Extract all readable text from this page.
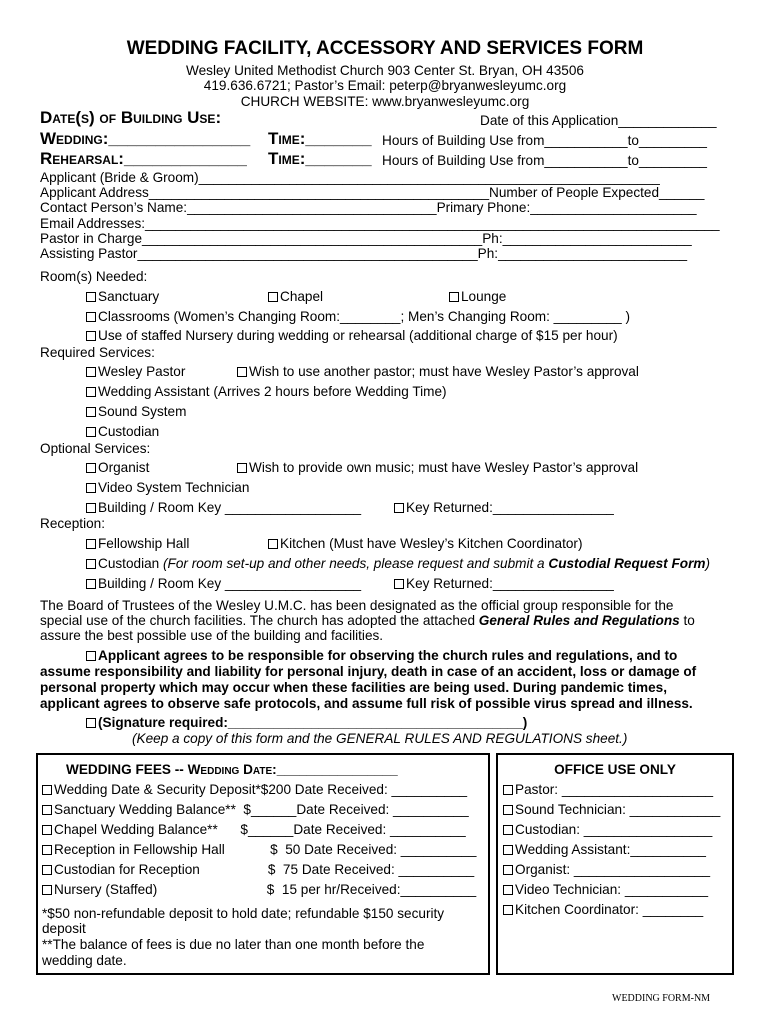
WEDDING FACILITY, ACCESSORY AND SERVICES FORM
Wesley United Methodist Church 903 Center St. Bryan, OH 43506
419.636.6721; Pastor’s Email: peterp@bryanwesleyumc.org
CHURCH WEBSITE: www.bryanwesleyumc.org
Date(s) of Building Use:	Date of this Application_____________
Wedding:_______________ Time:_______ Hours of Building Use from___________to_________
Rehearsal:_____________ Time:_______ Hours of Building Use from___________to_________
Applicant (Bride & Groom)_____________________________________________________________
Applicant Address_____________________________________________Number of People Expected______
Contact Person’s Name:_________________________________Primary Phone:______________________
Email Addresses:____________________________________________________________________________
Pastor in Charge_____________________________________________Ph:_________________________
Assisting Pastor_____________________________________________Ph:_________________________
Room(s) Needed:
Sanctuary	Chapel	Lounge
Classrooms (Women’s Changing Room:________; Men’s Changing Room: _________ )
Use of staffed Nursery during wedding or rehearsal (additional charge of $15 per hour)
Required Services:
Wesley Pastor	Wish to use another pastor; must have Wesley Pastor’s approval
Wedding Assistant (Arrives 2 hours before Wedding Time)
Sound System
Custodian
Optional Services:
Organist	Wish to provide own music; must have Wesley Pastor’s approval
Video System Technician
Building / Room Key __________________	Key Returned:________________
Reception:
Fellowship Hall	Kitchen (Must have Wesley’s Kitchen Coordinator)
Custodian (For room set-up and other needs, please request and submit a Custodial Request Form)
Building / Room Key __________________	Key Returned:________________
The Board of Trustees of the Wesley U.M.C. has been designated as the official group responsible for the
special use of the church facilities. The church has adopted the attached General Rules and Regulations to
assure the best possible use of the building and facilities.
Applicant agrees to be responsible for observing the church rules and regulations, and to
assume responsibility and liability for personal injury, death in case of an accident, loss or damage of
personal property which may occur when these facilities are being used. During pandemic times,
applicant agrees to observe safe protocols, and assume full risk of possible virus spread and illness.
(Signature required:_______________________________________)
(Keep a copy of this form and the GENERAL RULES AND REGULATIONS sheet.)
WEDDING FEES -- Wedding Date:________________
Wedding Date & Security Deposit*$200 Date Received: __________
Sanctuary Wedding Balance**  $______Date Received: __________
Chapel Wedding Balance**      $______Date Received: __________
Reception in Fellowship Hall            $  50 Date Received: __________
Custodian for Reception                  $  75 Date Received: __________
Nursery (Staffed)                             $  15 per hr/Received:__________
*$50 non-refundable deposit to hold date; refundable $150 security
deposit
**The balance of fees is due no later than one month before the
wedding date.
OFFICE USE ONLY
Pastor: ____________________
Sound Technician: ____________
Custodian: _________________
Wedding Assistant:__________
Organist: __________________
Video Technician: ___________
Kitchen Coordinator: ________
WEDDING FORM-NM
